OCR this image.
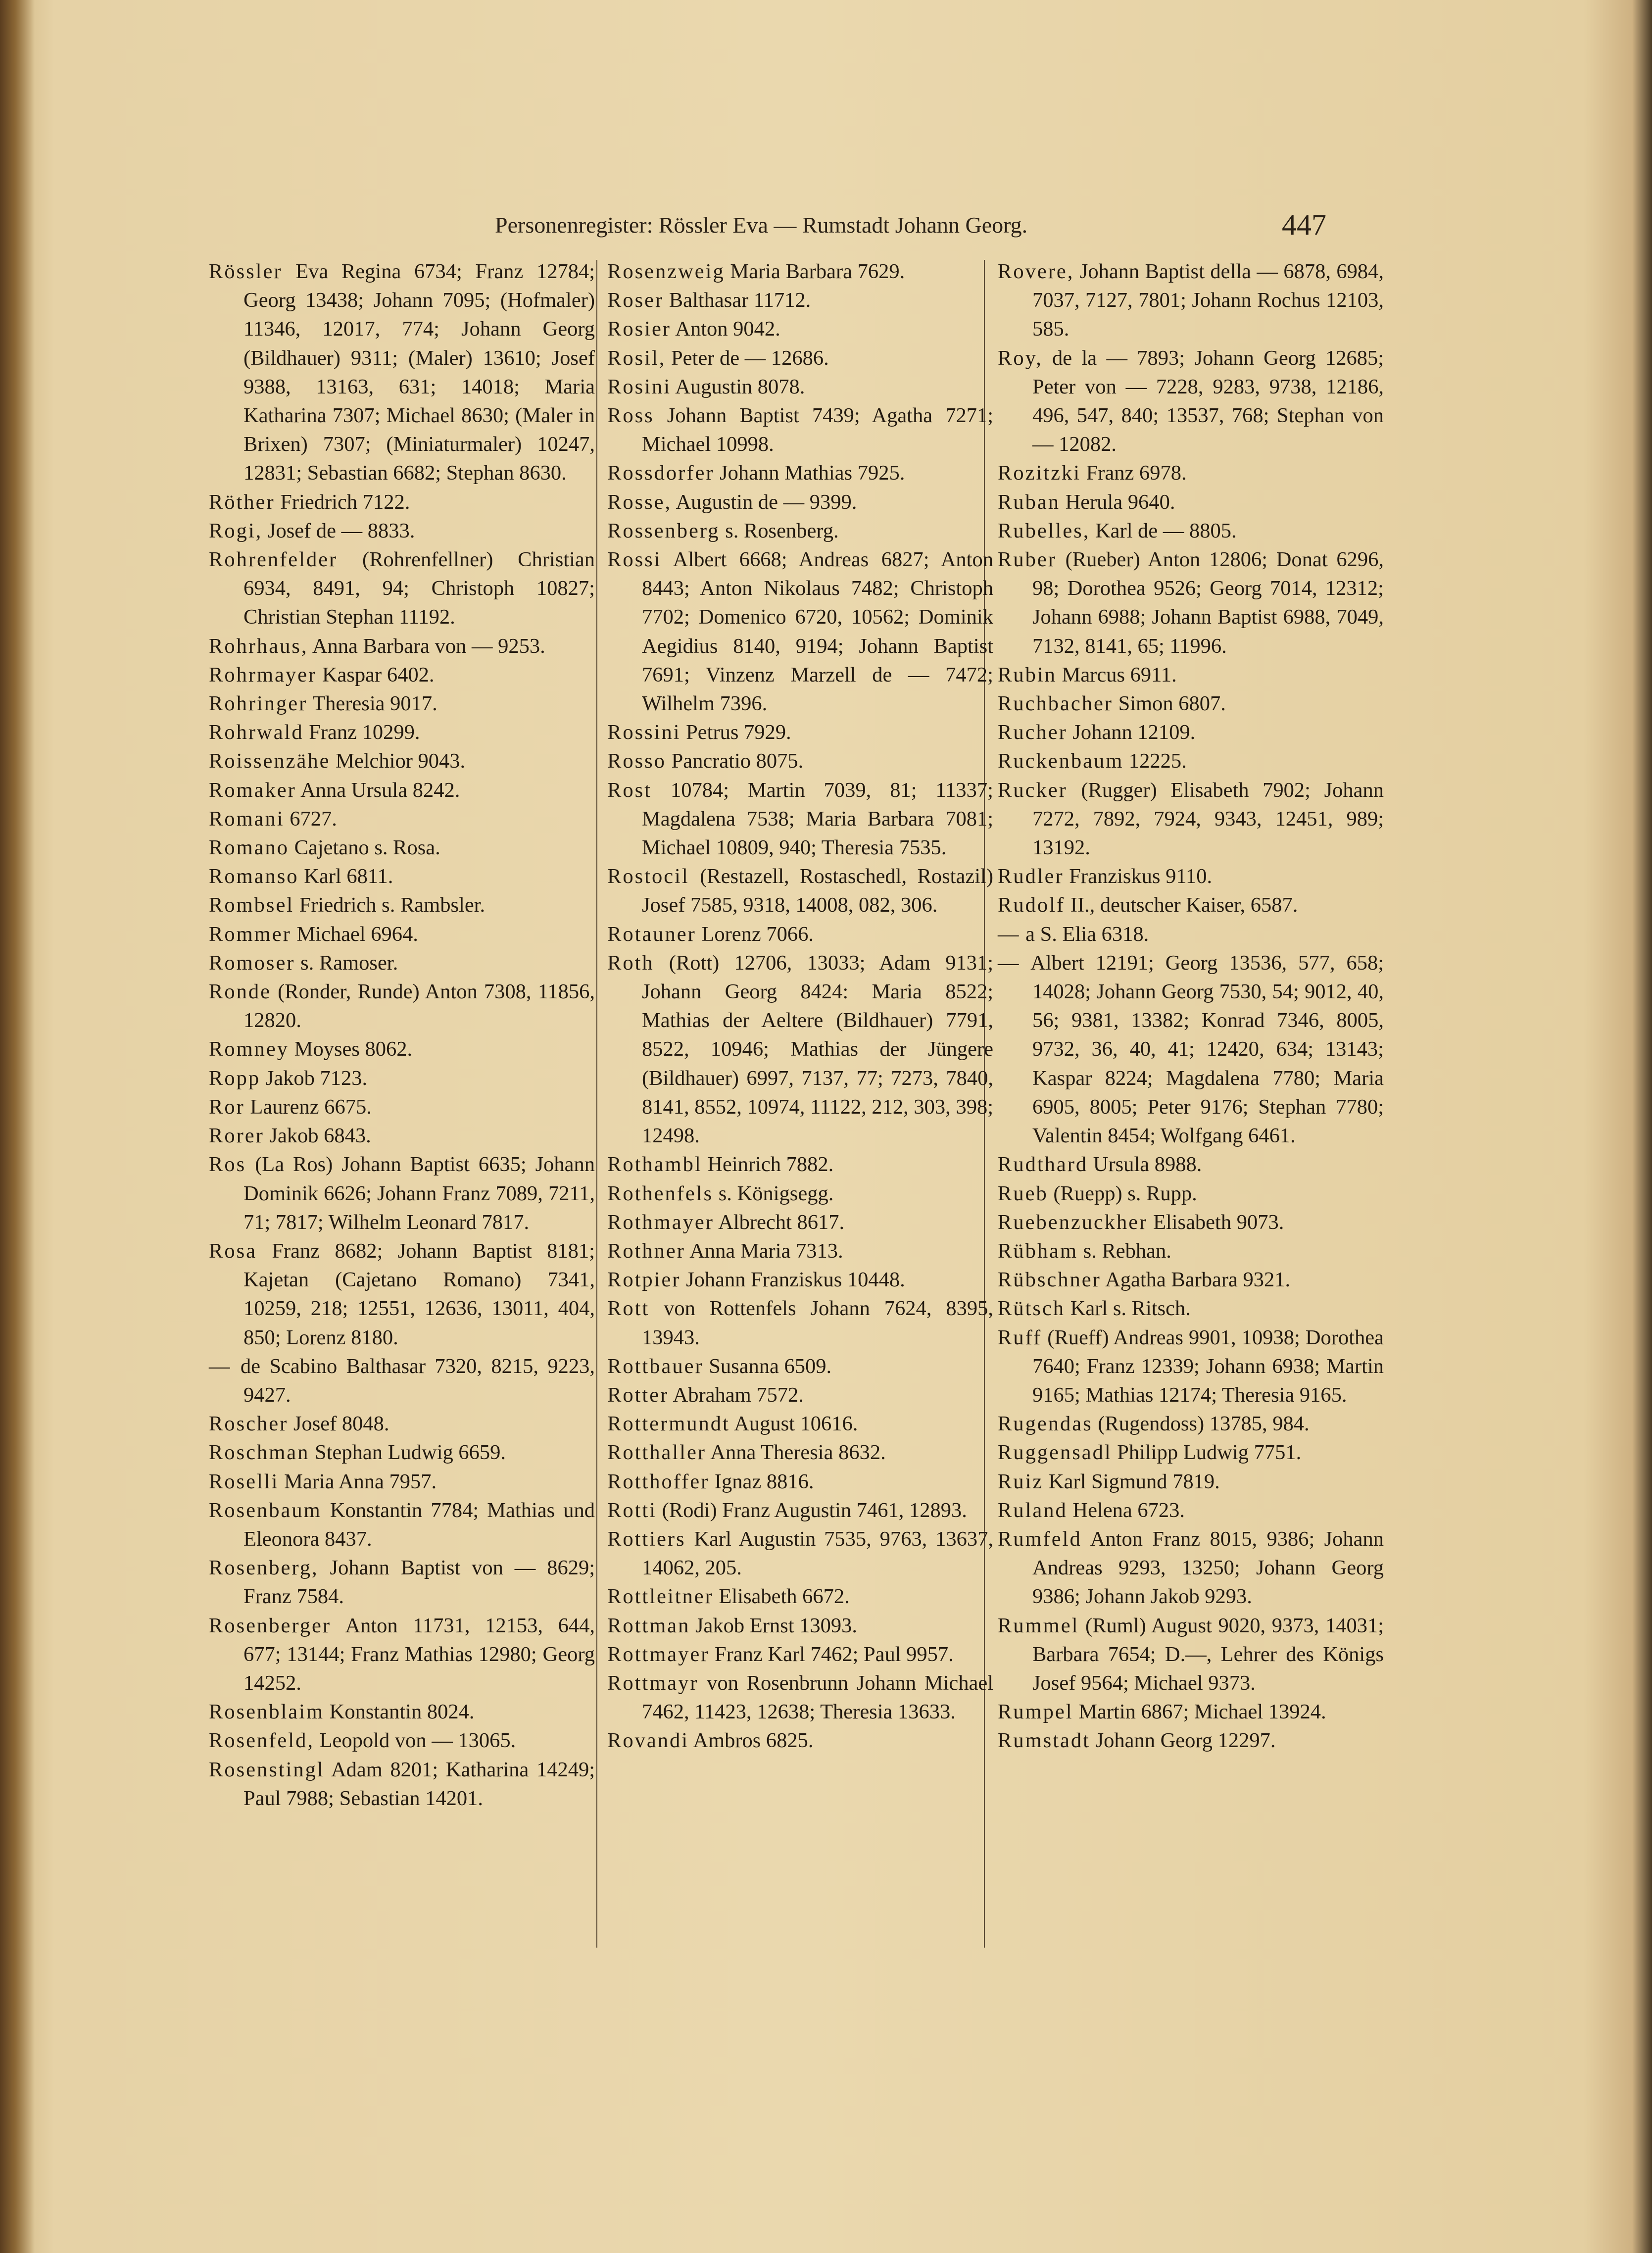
Personenregister: Rössler Eva — Rumstadt Johann Georg.	447

Rössler Eva Regina 6734; Franz 12784; Georg 13438; Johann 7095; (Hofmaler) 11346, 12017, 774; Johann Georg (Bildhauer) 9311; (Maler) 13610; Josef 9388, 13163, 631; 14018; Maria Katharina 7307; Michael 8630; (Maler in Brixen) 7307; (Miniaturmaler) 10247, 12831; Sebastian 6682; Stephan 8630.

Röther Friedrich 7122.

Rogi, Josef de — 8833.

Rohrenfelder (Rohrenfellner) Christian 6934, 8491, 94; Christoph 10827; Christian Stephan 11192.

Rohrhaus, Anna Barbara von — 9253.

Rohrmayer Kaspar 6402.

Rohringer Theresia 9017.

Rohrwald Franz 10299.

Roissenzähe Melchior 9043.

Romaker Anna Ursula 8242.

Romani 6727.

Romano Cajetano s. Rosa.

Romanso Karl 6811.

Rombsel Friedrich s. Rambsler.

Rommer Michael 6964.

Romoser s. Ramoser.

Ronde (Ronder, Runde) Anton 7308, 11856, 12820.

Romney Moyses 8062.

Ropp Jakob 7123.

Ror Laurenz 6675.

Rorer Jakob 6843.

Ros (La Ros) Johann Baptist 6635; Johann Dominik 6626; Johann Franz 7089, 7211, 71; 7817; Wilhelm Leonard 7817.

Rosa Franz 8682; Johann Baptist 8181; Kajetan (Cajetano Romano) 7341, 10259, 218; 12551, 12636, 13011, 404, 850; Lorenz 8180.

— de Scabino Balthasar 7320, 8215, 9223, 9427.

Roscher Josef 8048.

Roschman Stephan Ludwig 6659.

Roselli Maria Anna 7957.

Rosenbaum Konstantin 7784; Mathias und Eleonora 8437.

Rosenberg, Johann Baptist von — 8629; Franz 7584.

Rosenberger Anton 11731, 12153, 644, 677; 13144; Franz Mathias 12980; Georg 14252.

Rosenblaim Konstantin 8024.

Rosenfeld, Leopold von — 13065.

Rosenstingl Adam 8201; Katharina 14249; Paul 7988; Sebastian 14201.

Rosenzweig Maria Barbara 7629.

Roser Balthasar 11712.

Rosier Anton 9042.

Rosil, Peter de — 12686.

Rosini Augustin 8078.

Ross Johann Baptist 7439; Agatha 7271; Michael 10998.

Rossdorfer Johann Mathias 7925.

Rosse, Augustin de — 9399.

Rossenberg s. Rosenberg.

Rossi Albert 6668; Andreas 6827; Anton 8443; Anton Nikolaus 7482; Christoph 7702; Domenico 6720, 10562; Dominik Aegidius 8140, 9194; Johann Baptist 7691; Vinzenz Marzell de — 7472; Wilhelm 7396.

Rossini Petrus 7929.

Rosso Pancratio 8075.

Rost 10784; Martin 7039, 81; 11337; Magdalena 7538; Maria Barbara 7081; Michael 10809, 940; Theresia 7535.

Rostocil (Restazell, Rostaschedl, Rostazil) Josef 7585, 9318, 14008, 082, 306.

Rotauner Lorenz 7066.

Roth (Rott) 12706, 13033; Adam 9131; Johann Georg 8424: Maria 8522; Mathias der Aeltere (Bildhauer) 7791, 8522, 10946; Mathias der Jüngere (Bildhauer) 6997, 7137, 77; 7273, 7840, 8141, 8552, 10974, 11122, 212, 303, 398; 12498.

Rothambl Heinrich 7882.

Rothenfels s. Königsegg.

Rothmayer Albrecht 8617.

Rothner Anna Maria 7313.

Rotpier Johann Franziskus 10448.

Rott von Rottenfels Johann 7624, 8395, 13943.

Rottbauer Susanna 6509.

Rotter Abraham 7572.

Rottermundt August 10616.

Rotthaller Anna Theresia 8632.

Rotthoffer Ignaz 8816.

Rotti (Rodi) Franz Augustin 7461, 12893.

Rottiers Karl Augustin 7535, 9763, 13637, 14062, 205.

Rottleitner Elisabeth 6672.

Rottman Jakob Ernst 13093.

Rottmayer Franz Karl 7462; Paul 9957.

Rottmayr von Rosenbrunn Johann Michael 7462, 11423, 12638; Theresia 13633.

Rovandi Ambros 6825.

Rovere, Johann Baptist della — 6878, 6984, 7037, 7127, 7801; Johann Rochus 12103, 585.

Roy, de la — 7893; Johann Georg 12685; Peter von — 7228, 9283, 9738, 12186, 496, 547, 840; 13537, 768; Stephan von — 12082.

Rozitzki Franz 6978.

Ruban Herula 9640.

Rubelles, Karl de — 8805.

Ruber (Rueber) Anton 12806; Donat 6296, 98; Dorothea 9526; Georg 7014, 12312; Johann 6988; Johann Baptist 6988, 7049, 7132, 8141, 65; 11996.

Rubin Marcus 6911.

Ruchbacher Simon 6807.

Rucher Johann 12109.

Ruckenbaum 12225.

Rucker (Rugger) Elisabeth 7902; Johann 7272, 7892, 7924, 9343, 12451, 989; 13192.

Rudler Franziskus 9110.

Rudolf II., deutscher Kaiser, 6587.

— a S. Elia 6318.

— Albert 12191; Georg 13536, 577, 658; 14028; Johann Georg 7530, 54; 9012, 40, 56; 9381, 13382; Konrad 7346, 8005, 9732, 36, 40, 41; 12420, 634; 13143; Kaspar 8224; Magdalena 7780; Maria 6905, 8005; Peter 9176; Stephan 7780; Valentin 8454; Wolfgang 6461.

Rudthard Ursula 8988.

Rueb (Ruepp) s. Rupp.

Ruebenzuckher Elisabeth 9073.

Rübham s. Rebhan.

Rübschner Agatha Barbara 9321.

Rütsch Karl s. Ritsch.

Ruff (Rueff) Andreas 9901, 10938; Dorothea 7640; Franz 12339; Johann 6938; Martin 9165; Mathias 12174; Theresia 9165.

Rugendas (Rugendoss) 13785, 984.

Ruggensadl Philipp Ludwig 7751.

Ruiz Karl Sigmund 7819.

Ruland Helena 6723.

Rumfeld Anton Franz 8015, 9386; Johann Andreas 9293, 13250; Johann Georg 9386; Johann Jakob 9293.

Rummel (Ruml) August 9020, 9373, 14031; Barbara 7654; D.—, Lehrer des Königs Josef 9564; Michael 9373.

Rumpel Martin 6867; Michael 13924.

Rumstadt Johann Georg 12297.
